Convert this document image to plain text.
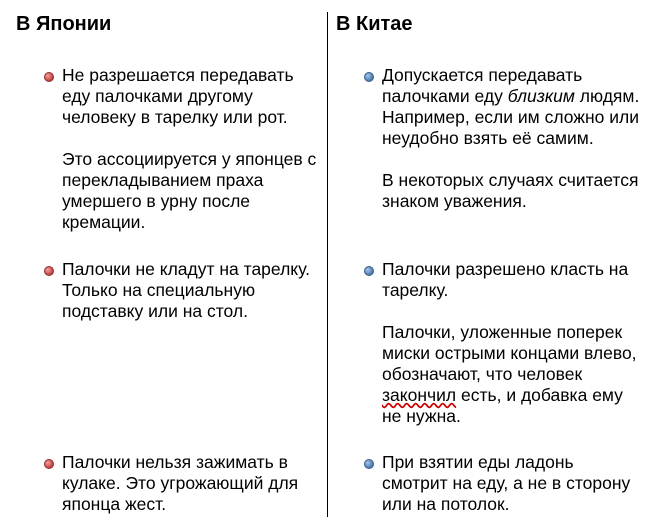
В Японии	В Китае

Не разрешается передавать еду палочками другому человеку в тарелку или рот.

Это ассоциируется у японцев с перекладыванием праха умершего в урну после кремации.

Палочки не кладут на тарелку. Только на специальную подставку или на стол.

Палочки нельзя зажимать в кулаке. Это угрожающий для японца жест.

Допускается передавать палочками еду близким людям. Например, если им сложно или неудобно взять её самим.

В некоторых случаях считается знаком уважения.

Палочки разрешено класть на тарелку.

Палочки, уложенные поперек миски острыми концами влево, обозначают, что человек закончил есть, и добавка ему не нужна.

При взятии еды ладонь смотрит на еду, а не в сторону или на потолок.
